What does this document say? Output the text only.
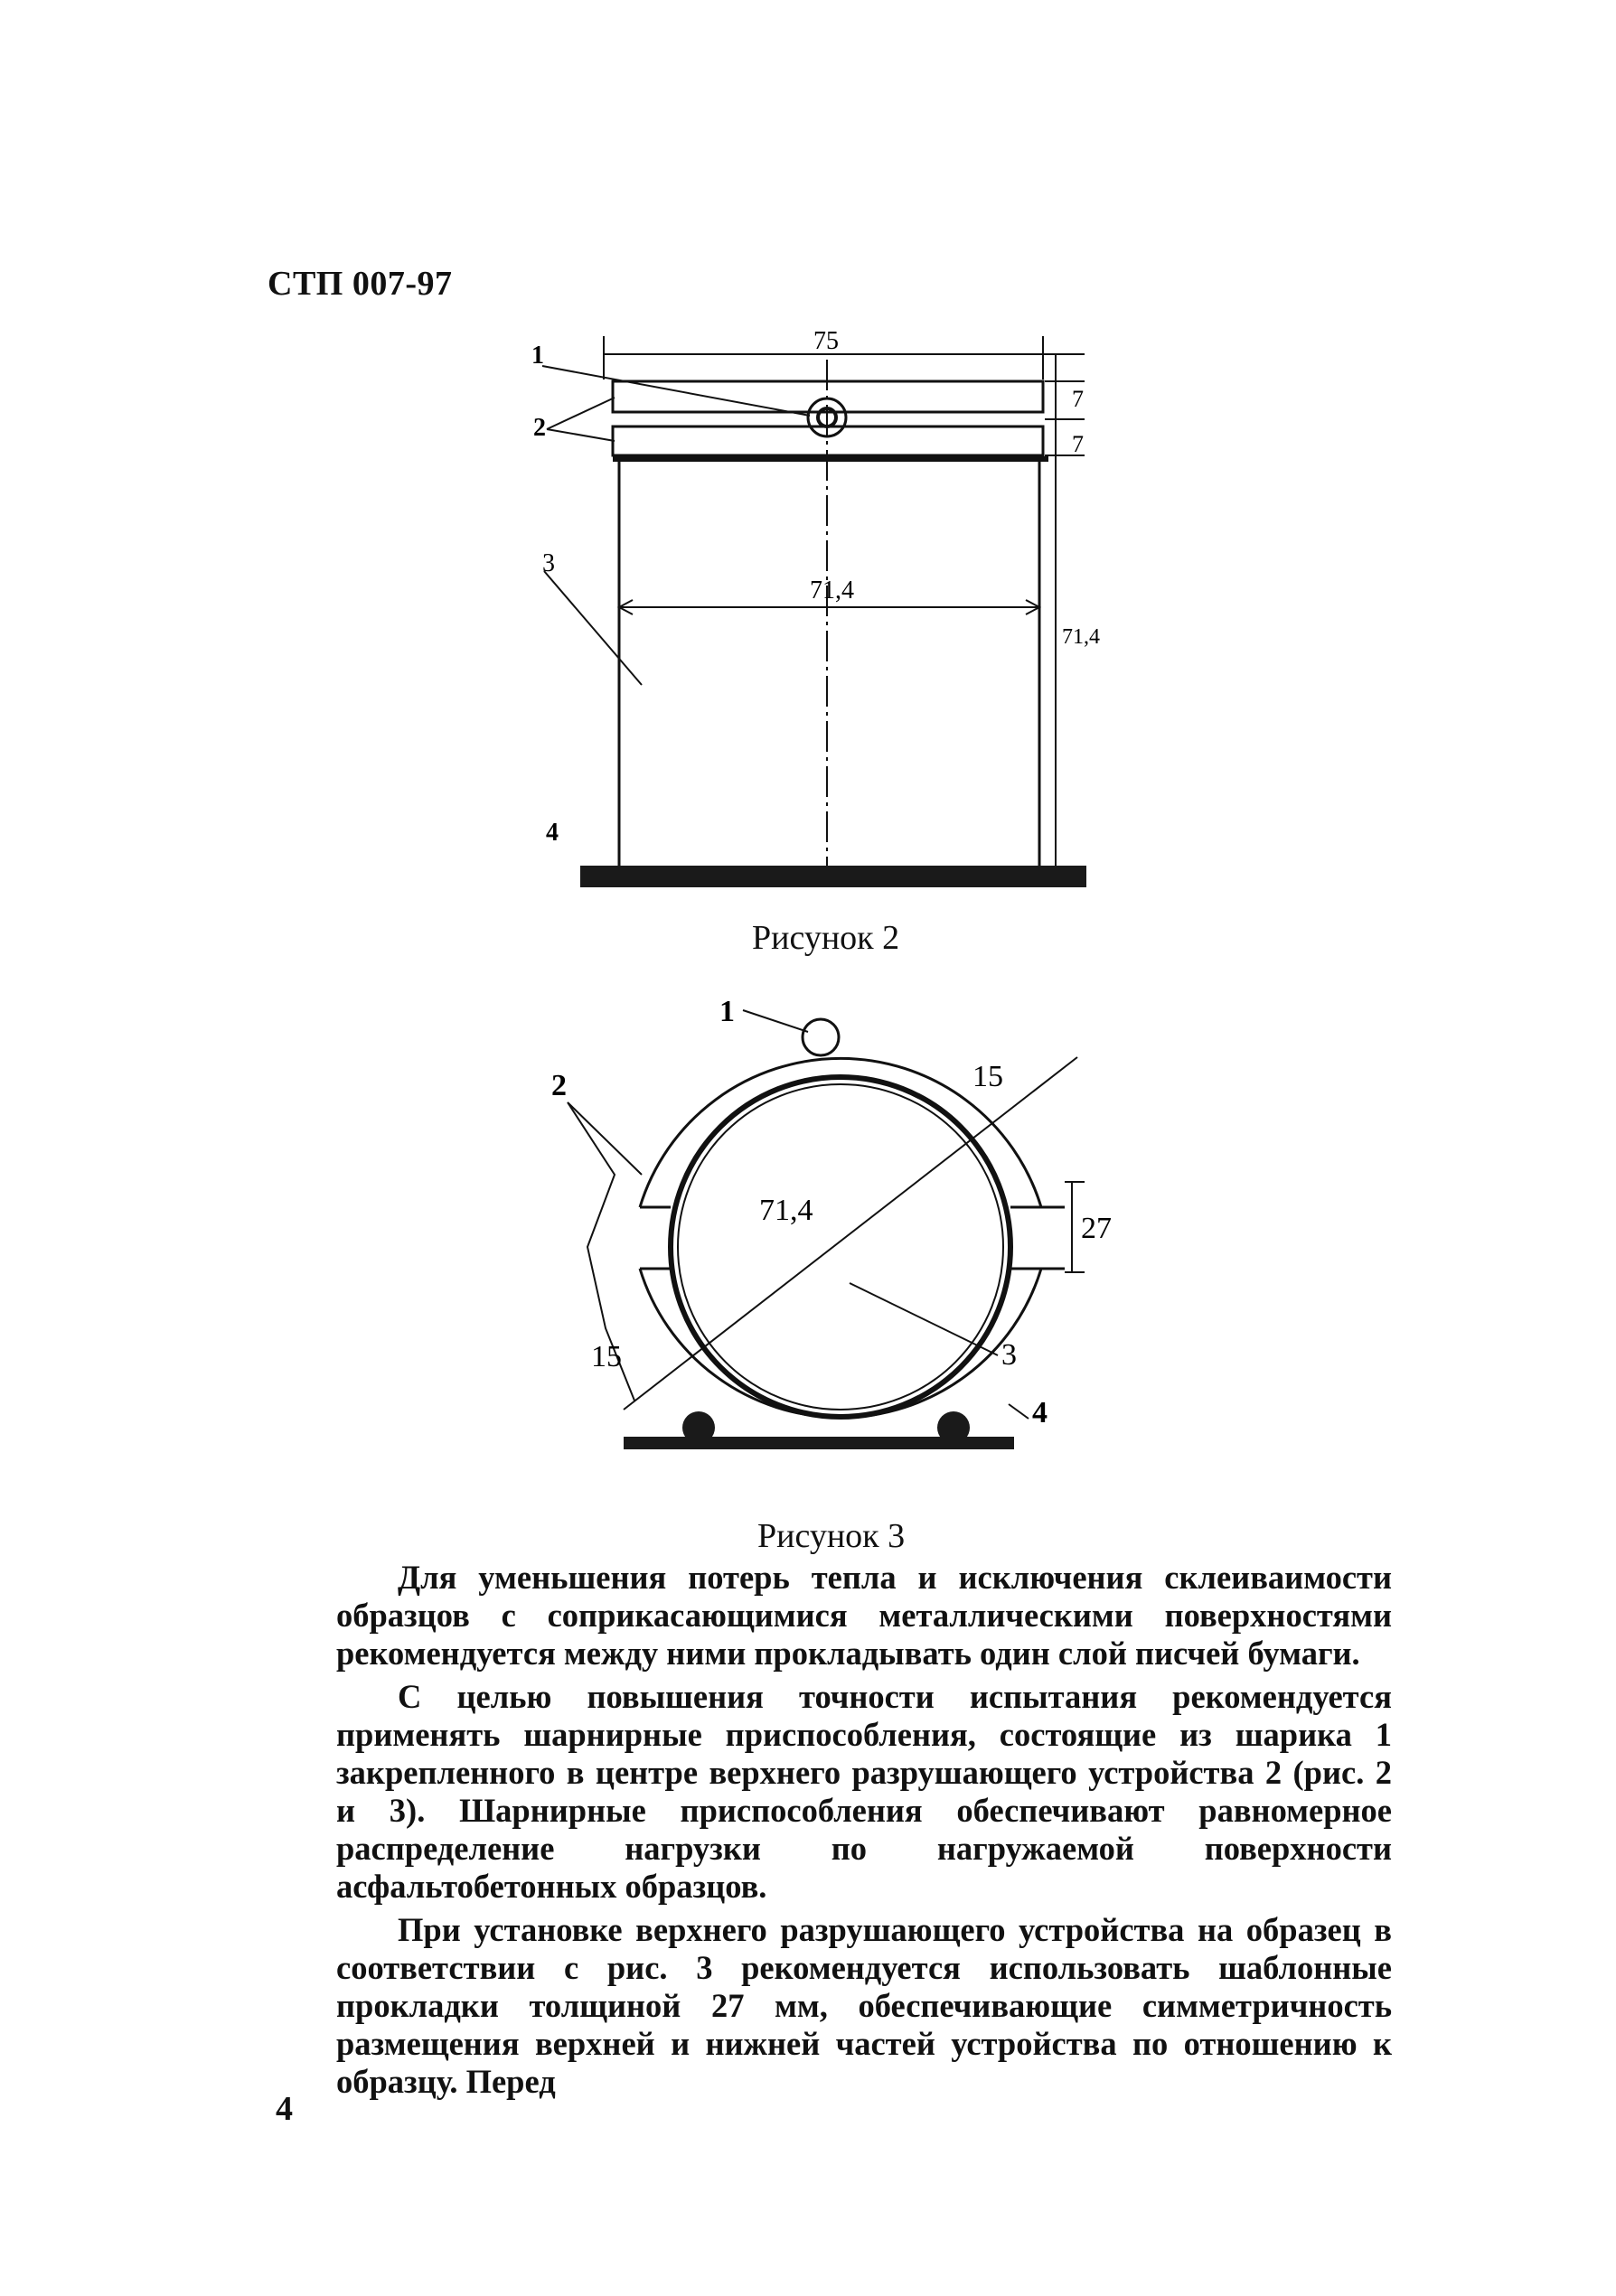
СТП 007-97
75
7
7
71,4
71,4
1
2
3
4
Рисунок 2
1
2
3
4
15
15
71,4
27
Рисунок 3

Для уменьшения потерь тепла и исключения склеиваимости образцов с соприкасающимися металлическими поверхностями рекомендуется между ними прокладывать один слой писчей бумаги.

С целью повышения точности испытания рекомендуется применять шарнирные приспособления, состоящие из шарика 1 закрепленного в центре верхнего разрушающего устройства 2 (рис. 2 и 3). Шарнирные приспособления обеспечивают равномерное распределение нагрузки по нагружаемой поверхности асфальтобетонных образцов.

При установке верхнего разрушающего устройства на образец в соответствии с рис. 3 рекомендуется использовать шаблонные прокладки толщиной 27 мм, обеспечивающие симметричность размещения верхней и нижней частей устройства по отношению к образцу. Перед

4
